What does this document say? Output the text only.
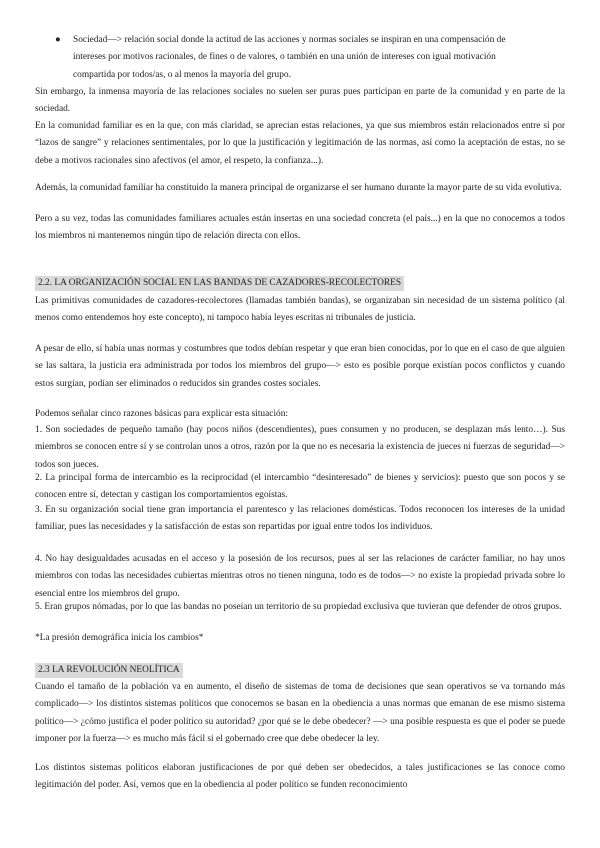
●	Sociedad—> relación social donde la actitud de las acciones y normas sociales se inspiran en una compensación de intereses por motivos racionales, de fines o de valores, o también en una unión de intereses con igual motivación compartida por todos/as, o al menos la mayoría del grupo.

Sin embargo, la inmensa mayoría de las relaciones sociales no suelen ser puras pues participan en parte de la comunidad y en parte de la sociedad.

En la comunidad familiar es en la que, con más claridad, se aprecian estas relaciones, ya que sus miembros están relacionados entre sí por “lazos de sangre” y relaciones sentimentales, por lo que la justificación y legitimación de las normas, así como la aceptación de estas, no se debe a motivos racionales sino afectivos (el amor, el respeto, la confianza...).

Además, la comunidad familiar ha constituido la manera principal de organizarse el ser humano durante la mayor parte de su vida evolutiva.

Pero a su vez, todas las comunidades familiares actuales están insertas en una sociedad concreta (el país...) en la que no conocemos a todos los miembros ni mantenemos ningún tipo de relación directa con ellos.

2.2. LA ORGANIZACIÓN SOCIAL EN LAS BANDAS DE CAZADORES-RECOLECTORES

Las primitivas comunidades de cazadores-recolectores (llamadas también bandas), se organizaban sin necesidad de un sistema político (al menos como entendemos hoy este concepto), ni tampoco había leyes escritas ni tribunales de justicia.

A pesar de ello, sí había unas normas y costumbres que todos debían respetar y que eran bien conocidas, por lo que en el caso de que alguien se las saltara, la justicia era administrada por todos los miembros del grupo—> esto es posible porque existían pocos conflictos y cuando estos surgían, podían ser eliminados o reducidos sin grandes costes sociales.

Podemos señalar cinco razones básicas para explicar esta situación:

1. Son sociedades de pequeño tamaño (hay pocos niños (descendientes), pues consumen y no producen, se desplazan más lento…). Sus miembros se conocen entre sí y se controlan unos a otros, razón por la que no es necesaria la existencia de jueces ni fuerzas de seguridad—> todos son jueces.

2. La principal forma de intercambio es la reciprocidad (el intercambio “desinteresado” de bienes y servicios): puesto que son pocos y se conocen entre sí, detectan y castigan los comportamientos egoístas.

3. En su organización social tiene gran importancia el parentesco y las relaciones domésticas. Todos reconocen los intereses de la unidad familiar, pues las necesidades y la satisfacción de estas son repartidas por igual entre todos los individuos.

4. No hay desigualdades acusadas en el acceso y la posesión de los recursos, pues al ser las relaciones de carácter familiar, no hay unos miembros con todas las necesidades cubiertas mientras otros no tienen ninguna, todo es de todos—> no existe la propiedad privada sobre lo esencial entre los miembros del grupo.

5. Eran grupos nómadas, por lo que las bandas no poseían un territorio de su propiedad exclusiva que tuvieran que defender de otros grupos.

*La presión demográfica inicia los cambios*

2.3 LA REVOLUCIÓN NEOLÍTICA

Cuando el tamaño de la población va en aumento, el diseño de sistemas de toma de decisiones que sean operativos se va tornando más complicado—> los distintos sistemas políticos que conocemos se basan en la obediencia a unas normas que emanan de ese mismo sistema político—> ¿cómo justifica el poder político su autoridad? ¿por qué se le debe obedecer? —> una posible respuesta es que el poder se puede imponer por la fuerza—> es mucho más fácil si el gobernado cree que debe obedecer la ley.

Los distintos sistemas políticos elaboran justificaciones de por qué deben ser obedecidos, a tales justificaciones se las conoce como legitimación del poder. Así, vemos que en la obediencia al poder político se funden reconocimiento
